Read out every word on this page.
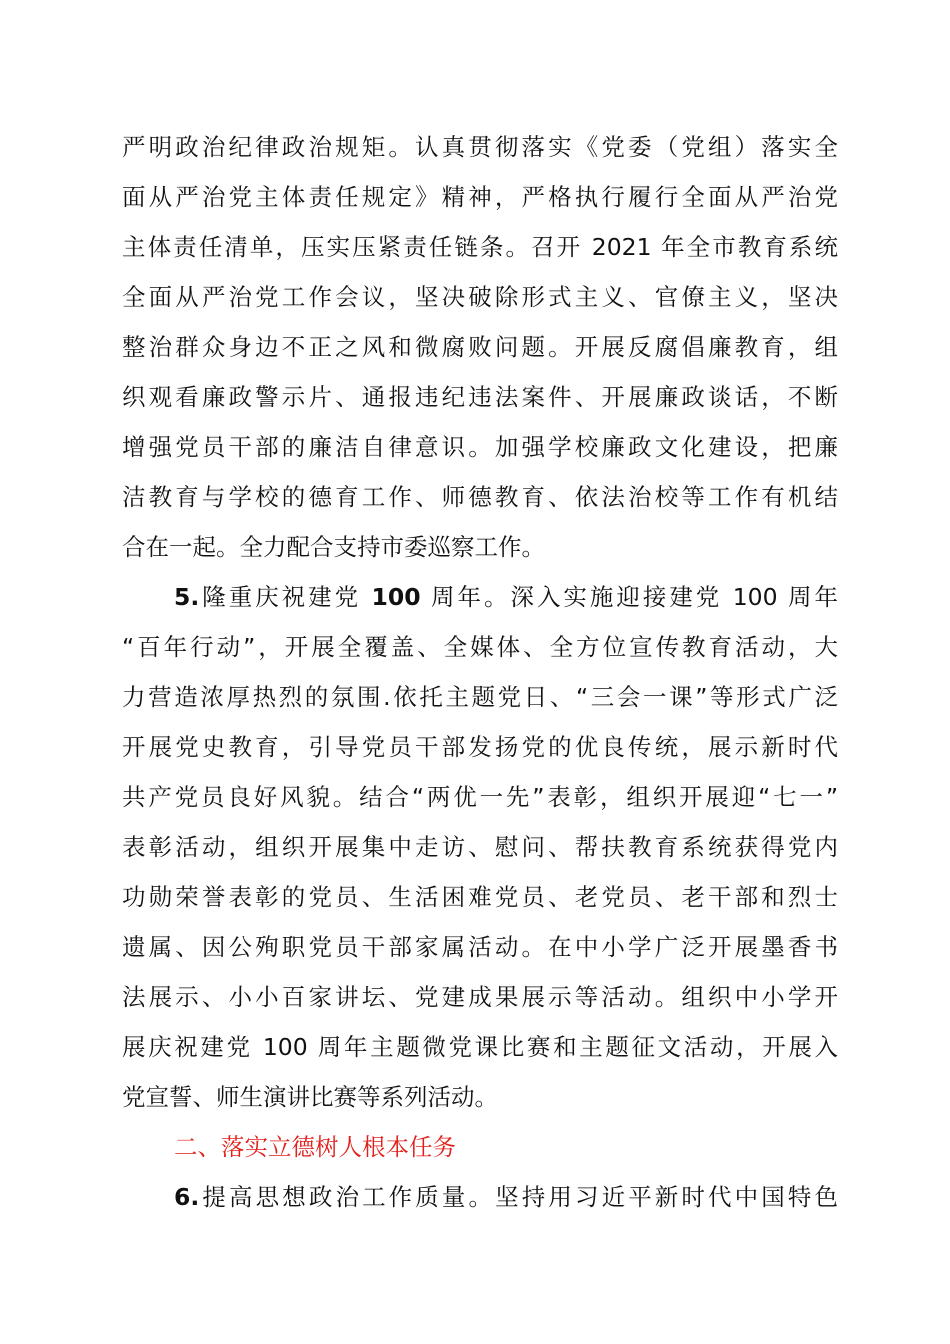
严明政治纪律政治规矩。认真贯彻落实《党委（党组）落实全
面从严治党主体责任规定》精神，严格执行履行全面从严治党
主体责任清单，压实压紧责任链条。召开 2021 年全市教育系统
全面从严治党工作会议，坚决破除形式主义、官僚主义，坚决
整治群众身边不正之风和微腐败问题。开展反腐倡廉教育，组
织观看廉政警示片、通报违纪违法案件、开展廉政谈话，不断
增强党员干部的廉洁自律意识。加强学校廉政文化建设，把廉
洁教育与学校的德育工作、师德教育、依法治校等工作有机结
合在一起。全力配合支持市委巡察工作。
5.隆重庆祝建党 100 周年。深入实施迎接建党 100 周年
“百年行动”，开展全覆盖、全媒体、全方位宣传教育活动，大
力营造浓厚热烈的氛围.依托主题党日、“三会一课”等形式广泛
开展党史教育，引导党员干部发扬党的优良传统，展示新时代
共产党员良好风貌。结合“两优一先”表彰，组织开展迎“七一”
表彰活动，组织开展集中走访、慰问、帮扶教育系统获得党内
功勋荣誉表彰的党员、生活困难党员、老党员、老干部和烈士
遗属、因公殉职党员干部家属活动。在中小学广泛开展墨香书
法展示、小小百家讲坛、党建成果展示等活动。组织中小学开
展庆祝建党 100 周年主题微党课比赛和主题征文活动，开展入
党宣誓、师生演讲比赛等系列活动。
二、落实立德树人根本任务
6.提高思想政治工作质量。坚持用习近平新时代中国特色
